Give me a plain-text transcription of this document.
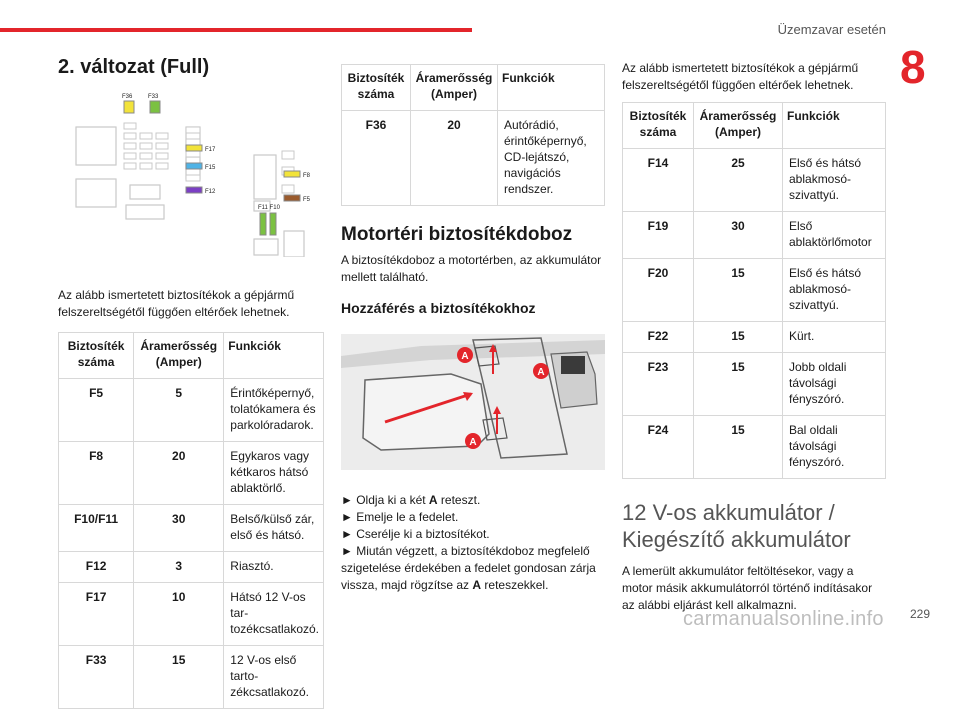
Üzemzavar esetén
8
2. változat (Full)
F36	F33
F17
F15
F12
F8
F5
F11 F10

Az alább ismertetett biztosítékok a gépjármű felszereltségétől függően eltérőek lehetnek.

Biztosíték száma	Áramerősség (Amper)	Funkciók
F5	5	Érintőképernyő, tolatókamera és parkolóradarok.
F8	20	Egykaros vagy kétkaros hátsó ablaktörlő.
F10/F11	30	Belső/külső zár, első és hátsó.
F12	3	Riasztó.
F17	10	Hátsó 12 V-os tar-tozékcsatlakozó.
F33	15	12 V-os első tarto-zékcsatlakozó.
Biztosíték száma	Áramerősség (Amper)	Funkciók
F36	20	Autórádió, érintőképernyő, CD-lejátszó, navigációs rendszer.
Motortéri biztosítékdoboz

A biztosítékdoboz a motortérben, az akkumulátor mellett található.

Hozzáférés a biztosítékokhoz
A
A
A
► Oldja ki a két A reteszt.
► Emelje le a fedelet.
► Cserélje ki a biztosítékot.
► Miután végzett, a biztosítékdoboz megfelelő szigetelése érdekében a fedelet gondosan zárja vissza, majd rögzítse az A reteszekkel.

Az alább ismertetett biztosítékok a gépjármű felszereltségétől függően eltérőek lehetnek.

Biztosíték száma	Áramerősség (Amper)	Funkciók
F14	25	Első és hátsó ablakmosó-szivattyú.
F19	30	Első ablaktörlőmotor
F20	15	Első és hátsó ablakmosó-szivattyú.
F22	15	Kürt.
F23	15	Jobb oldali távolsági fényszóró.
F24	15	Bal oldali távolsági fényszóró.
12 V-os akkumulátor / Kiegészítő akkumulátor

A lemerült akkumulátor feltöltésekor, vagy a motor másik akkumulátorról történő indításakor az alábbi eljárást kell alkalmazni.

carmanualsonline.info 229
